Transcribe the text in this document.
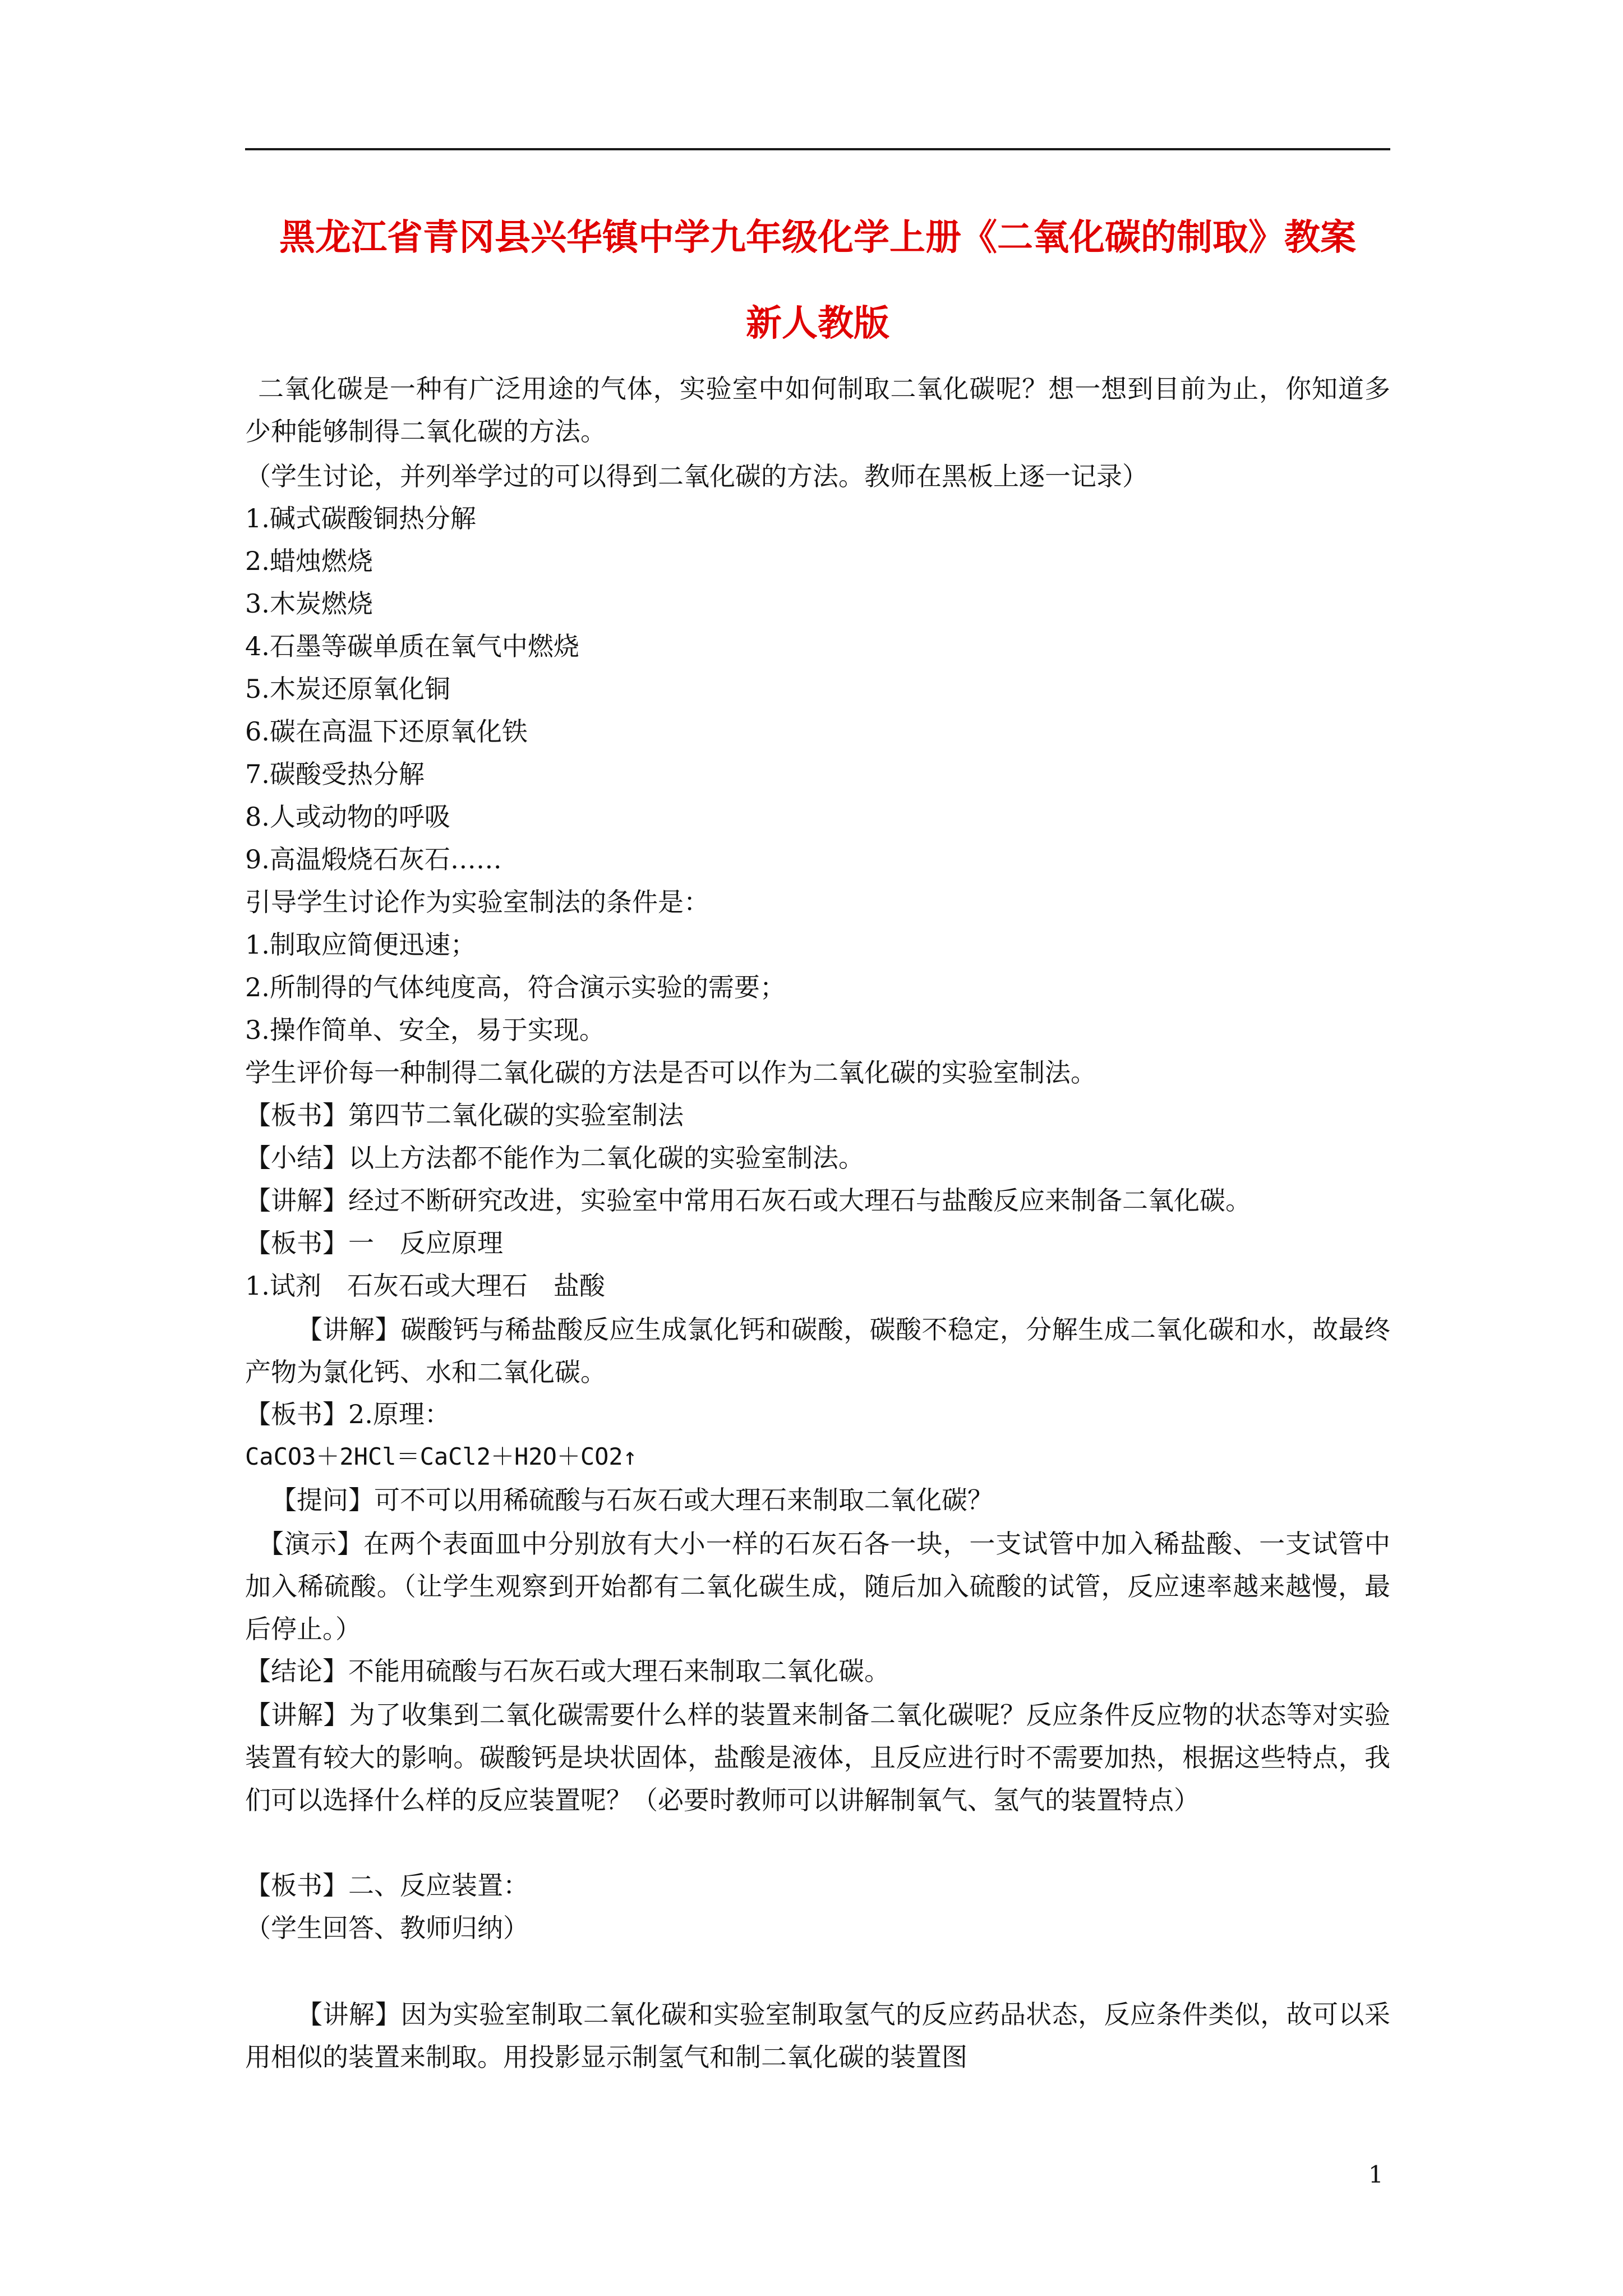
黑龙江省青冈县兴华镇中学九年级化学上册《二氧化碳的制取》教案
新人教版
二氧化碳是一种有广泛用途的气体，实验室中如何制取二氧化碳呢？想一想到目前为止，你知道多少种能够制得二氧化碳的方法。
（学生讨论，并列举学过的可以得到二氧化碳的方法。教师在黑板上逐一记录）
1.碱式碳酸铜热分解
2.蜡烛燃烧
3.木炭燃烧
4.石墨等碳单质在氧气中燃烧
5.木炭还原氧化铜
6.碳在高温下还原氧化铁
7.碳酸受热分解
8.人或动物的呼吸
9.高温煅烧石灰石……
引导学生讨论作为实验室制法的条件是：
1.制取应简便迅速；
2.所制得的气体纯度高，符合演示实验的需要；
3.操作简单、安全，易于实现。
学生评价每一种制得二氧化碳的方法是否可以作为二氧化碳的实验室制法。
【板书】第四节二氧化碳的实验室制法
【小结】以上方法都不能作为二氧化碳的实验室制法。
【讲解】经过不断研究改进，实验室中常用石灰石或大理石与盐酸反应来制备二氧化碳。
【板书】一　反应原理
1.试剂　石灰石或大理石　盐酸
【讲解】碳酸钙与稀盐酸反应生成氯化钙和碳酸，碳酸不稳定，分解生成二氧化碳和水，故最终产物为氯化钙、水和二氧化碳。
【板书】2.原理：
CaCO3＋2HCl＝CaCl2＋H2O＋CO2↑
【提问】可不可以用稀硫酸与石灰石或大理石来制取二氧化碳？
【演示】在两个表面皿中分别放有大小一样的石灰石各一块，一支试管中加入稀盐酸、一支试管中加入稀硫酸。（让学生观察到开始都有二氧化碳生成，随后加入硫酸的试管，反应速率越来越慢，最后停止。）
【结论】不能用硫酸与石灰石或大理石来制取二氧化碳。
【讲解】为了收集到二氧化碳需要什么样的装置来制备二氧化碳呢？反应条件反应物的状态等对实验装置有较大的影响。碳酸钙是块状固体，盐酸是液体，且反应进行时不需要加热，根据这些特点，我们可以选择什么样的反应装置呢？（必要时教师可以讲解制氧气、氢气的装置特点）
【板书】二、反应装置：
（学生回答、教师归纳）
【讲解】因为实验室制取二氧化碳和实验室制取氢气的反应药品状态，反应条件类似，故可以采用相似的装置来制取。用投影显示制氢气和制二氧化碳的装置图
1
